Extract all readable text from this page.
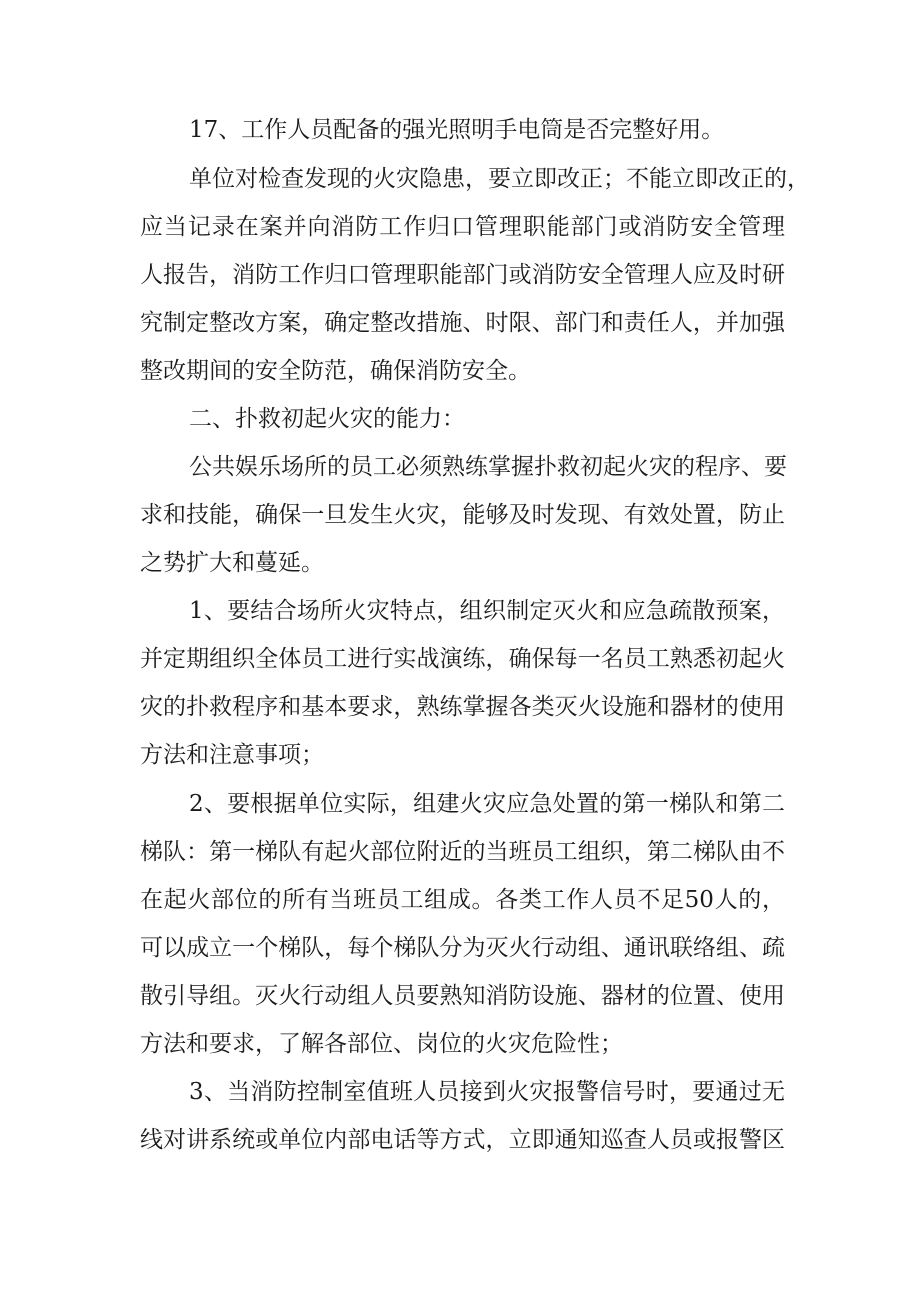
17、工作人员配备的强光照明手电筒是否完整好用。
单位对检查发现的火灾隐患，要立即改正；不能立即改正的，
应当记录在案并向消防工作归口管理职能部门或消防安全管理
人报告，消防工作归口管理职能部门或消防安全管理人应及时研
究制定整改方案，确定整改措施、时限、部门和责任人，并加强
整改期间的安全防范，确保消防安全。
二、扑救初起火灾的能力：
公共娱乐场所的员工必须熟练掌握扑救初起火灾的程序、要
求和技能，确保一旦发生火灾，能够及时发现、有效处置，防止
之势扩大和蔓延。
1、要结合场所火灾特点，组织制定灭火和应急疏散预案，
并定期组织全体员工进行实战演练，确保每一名员工熟悉初起火
灾的扑救程序和基本要求，熟练掌握各类灭火设施和器材的使用
方法和注意事项；
2、要根据单位实际，组建火灾应急处置的第一梯队和第二
梯队：第一梯队有起火部位附近的当班员工组织，第二梯队由不
在起火部位的所有当班员工组成。各类工作人员不足50人的，
可以成立一个梯队，每个梯队分为灭火行动组、通讯联络组、疏
散引导组。灭火行动组人员要熟知消防设施、器材的位置、使用
方法和要求，了解各部位、岗位的火灾危险性；
3、当消防控制室值班人员接到火灾报警信号时，要通过无
线对讲系统或单位内部电话等方式，立即通知巡查人员或报警区
